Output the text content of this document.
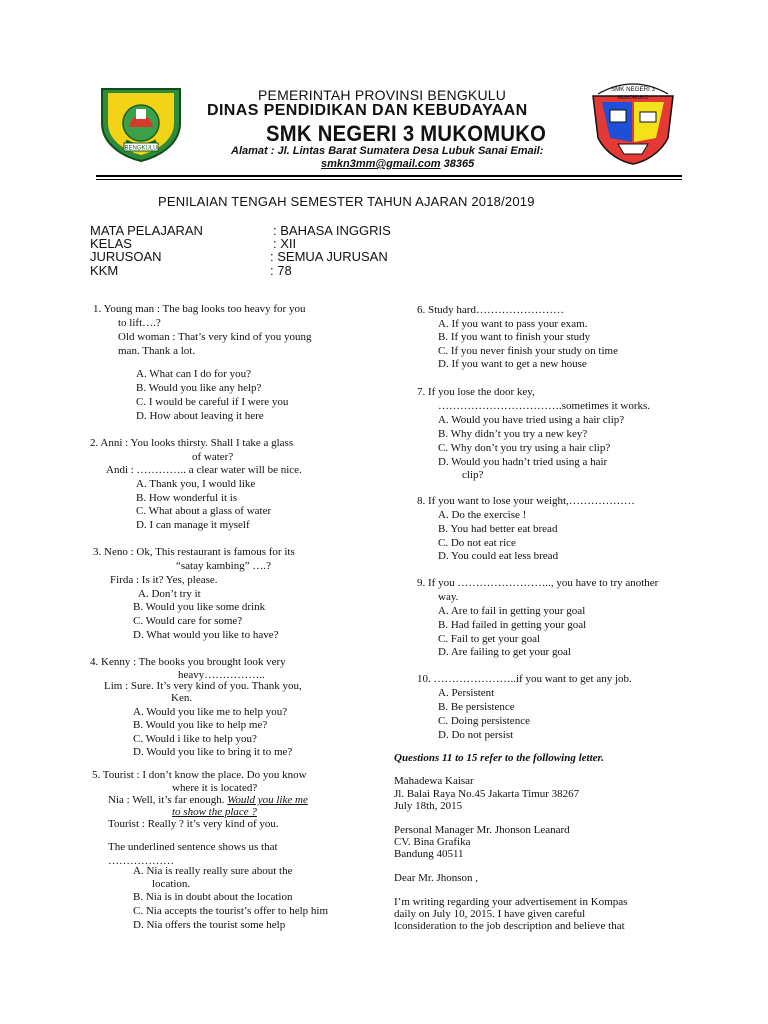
BENGKULU
SMK NEGERI 3
MUKOMUKO
PEMERINTAH PROVINSI BENGKULU
DINAS PENDIDIKAN DAN KEBUDAYAAN
SMK NEGERI 3 MUKOMUKO
Alamat : Jl. Lintas Barat Sumatera Desa Lubuk Sanai Email:
smkn3mm@gmail.com 38365
PENILAIAN TENGAH SEMESTER TAHUN AJARAN 2018/2019
MATA PELAJARAN	: BAHASA INGGRIS
KELAS	: XII
JURUSOAN	: SEMUA JURUSAN
KKM	: 78
1. Young man : The bag looks too heavy for you
to lift….?
Old woman : That’s very kind of you young
man. Thank a lot.
A. What can I do for you?
B. Would you like any help?
C. I would be careful if I were you
D. How about leaving it here
2. Anni : You looks thirsty. Shall I take a glass
of water?
Andi : ………….. a clear water will be nice.
A. Thank you, I would like
B. How wonderful it is
C. What about a glass of water
D. I can manage it myself
3. Neno : Ok, This restaurant is famous for its
“satay kambing” ….?
Firda : Is it? Yes, please.
A. Don’t try it
B. Would you like some drink
C. Would care for some?
D. What would you like to have?
4. Kenny : The books you brought look very
heavy……………..
Lim : Sure. It’s very kind of you. Thank you,
Ken.
A. Would you like me to help you?
B. Would you like to help me?
C. Would i like to help you?
D. Would you like to bring it to me?
5. Tourist : I don’t know the place. Do you know
where it is located?
Nia : Well, it’s far enough. Would you like me
to show the place ?
Tourist : Really ? it’s very kind of you.
The underlined sentence shows us that
………………
A. Nia is really really sure about the
location.
B. Nia is in doubt about the location
C. Nia accepts the tourist’s offer to help him
D. Nia offers the tourist some help
6. Study hard……………………
A. If you want to pass your exam.
B. If you want to finish your study
C. If you never finish your study on time
D. If you want to get a new house
7. If you lose the door key,
…………………………….sometimes it works.
A. Would you have tried using a hair clip?
B. Why didn’t you try a new key?
C. Why don’t you try using a hair clip?
D. Would you hadn’t tried using a hair
clip?
8. If you want to lose your weight,………………
A. Do the exercise !
B. You had better eat bread
C. Do not eat rice
D. You could eat less bread
9. If you …………………….., you have to try another
way.
A. Are to fail in getting your goal
B. Had failed in getting your goal
C. Fail to get your goal
D. Are failing to get your goal
10. …………………..if you want to get any job.
A. Persistent
B. Be persistence
C. Doing persistence
D. Do not persist
Questions 11 to 15 refer to the following letter.
Mahadewa Kaisar
Jl. Balai Raya No.45 Jakarta Timur 38267
July 18th, 2015
Personal Manager Mr. Jhonson Leanard
CV. Bina Grafika
Bandung 40511
Dear Mr. Jhonson ,
I’m writing regarding your advertisement in Kompas
daily on July 10, 2015. I have given careful
lconsideration to the job description and believe that
